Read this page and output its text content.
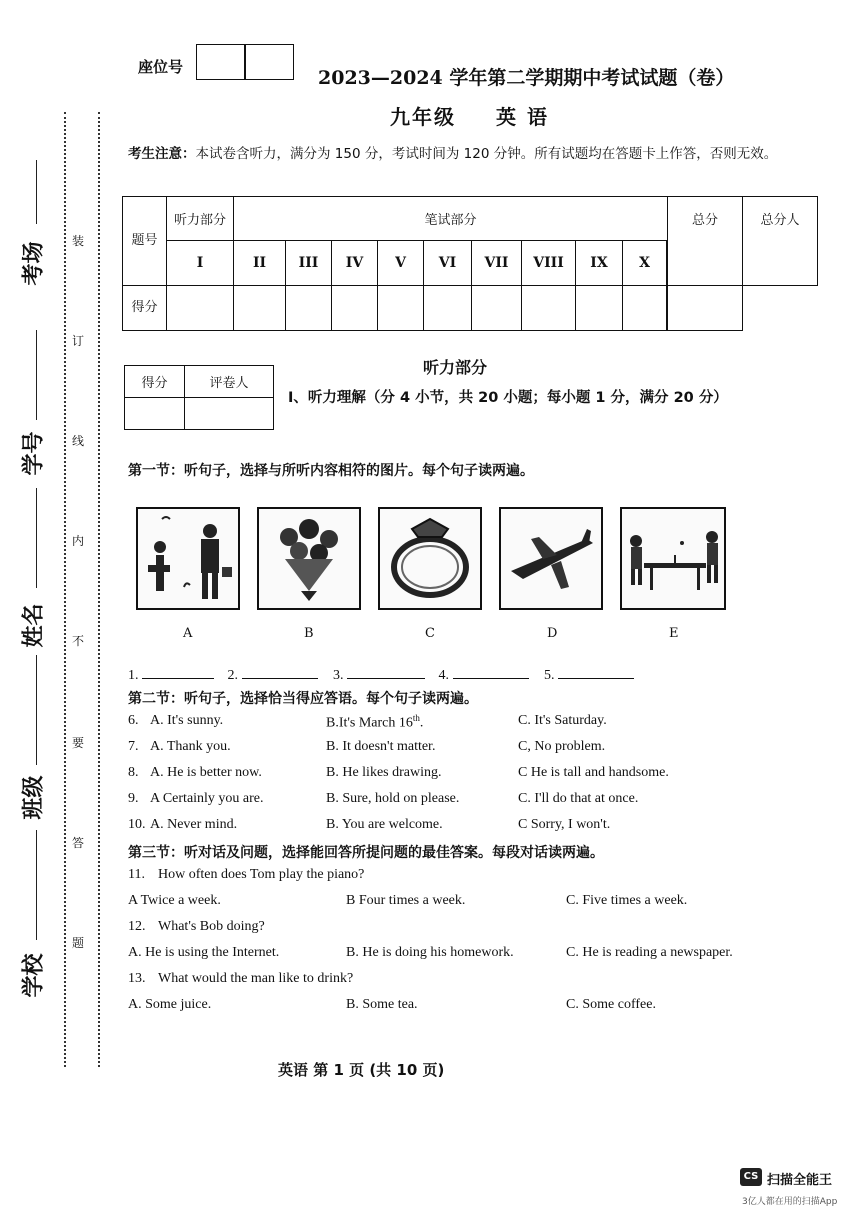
考场
学号
姓名
班级
学校
装
订
线
内
不
要
答
题
座位号	2023—2024 学年第二学期期中考试试题（卷）
九年级 英 语
考生注意：本试卷含听力，满分为 150 分，考试时间为 120 分钟。所有试题均在答题卡上作答，否则无效。
题号	听力部分	笔试部分									总分	总分人
	I	II	III	IV	V	VI	VII	VIII	IX	X		
得分												
得分	评卷人

听力部分
I、听力理解（分 4 小节，共 20 小题；每小题 1 分，满分 20 分）
第一节：听句子，选择与所听内容相符的图片。每个句子读两遍。
A	B	C	D	E
1.	2.	3.	4.	5.
第二节：听句子，选择恰当得应答语。每个句子读两遍。
6. A. It's sunny.	B.It's March 16th.	C. It's Saturday.
7. A. Thank you.	B. It doesn't matter.	C, No problem.
8. A. He is better now.	B. He likes drawing.	C He is tall and handsome.
9. A Certainly you are.	B. Sure, hold on please.	C. I'll do that at once.
10. A. Never mind.	B. You are welcome.	C Sorry, I won't.
第三节：听对话及问题，选择能回答所提问题的最佳答案。每段对话读两遍。
11. How often does Tom play the piano?
A Twice a week.	B Four times a week.	C. Five times a week.
12. What's Bob doing?
A. He is using the Internet.	B. He is doing his homework.	C. He is reading a newspaper.
13. What would the man like to drink?
A. Some juice.	B. Some tea.	C. Some coffee.
英语 第 1 页 (共 10 页)
CS 扫描全能王
3亿人都在用的扫描App
